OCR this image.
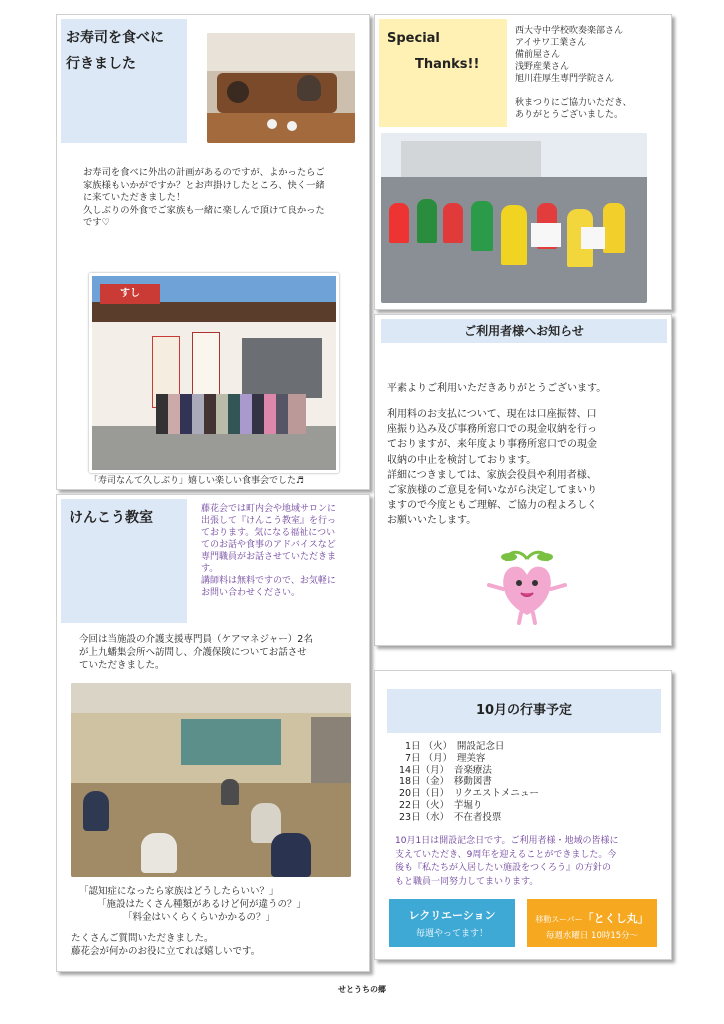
お寿司を食べに
行きました
お寿司を食べに外出の計画があるのですが、よかったらご
家族様もいかがですか？とお声掛けしたところ、快く一緒
に来ていただきました！
久しぶりの外食でご家族も一緒に楽しんで頂けて良かった
です♡
すし
「寿司なんて久しぶり」嬉しい楽しい食事会でした♬
Special
Thanks!!
西大寺中学校吹奏楽部さん
アイサワ工業さん
備前屋さん
浅野産業さん
旭川荘厚生専門学院さん
秋まつりにご協力いただき、
ありがとうございました。
ご利用者様へお知らせ
平素よりご利用いただきありがとうございます。
利用料のお支払について、現在は口座振替、口
座振り込み及び事務所窓口での現金収納を行っ
ておりますが、来年度より事務所窓口での現金
収納の中止を検討しております。
詳細につきましては、家族会役員や利用者様、
ご家族様のご意見を伺いながら決定してまいり
ますので今度ともご理解、ご協力の程よろしく
お願いいたします。
けんこう教室
藤花会では町内会や地域サロンに
出張して『けんこう教室』を行っ
ております。気になる福祉につい
てのお話や食事のアドバイスなど
専門職員がお話させていただきま
す。
講師料は無料ですので、お気軽に
お問い合わせください。
今回は当施設の介護支援専門員（ケアマネジャー）2名
が上九蟠集会所へ訪問し、介護保険についてお話させ
ていただきました。
「認知症になったら家族はどうしたらいい？」
「施設はたくさん種類があるけど何が違うの？」
「料金はいくらくらいかかるの？」
たくさんご質問いただきました。
藤花会が何かのお役に立てれば嬉しいです。
10月の行事予定
1日 （火）　開設記念日
7日 （月）　理美容
14日（月）　音楽療法
18日（金）　移動図書
20日（日）　リクエストメニュー
22日（火）　芋堀り
23日（水）　不在者投票
10月1日は開設記念日です。ご利用者様・地域の皆様に
支えていただき、9周年を迎えることができました。今
後も『私たちが入居したい施設をつくろう』の方針の
もと職員一同努力してまいります。
レクリエーション
毎週やってます！
移動スーパー「とくし丸」
毎週水曜日 10時15分～
せとうちの郷
